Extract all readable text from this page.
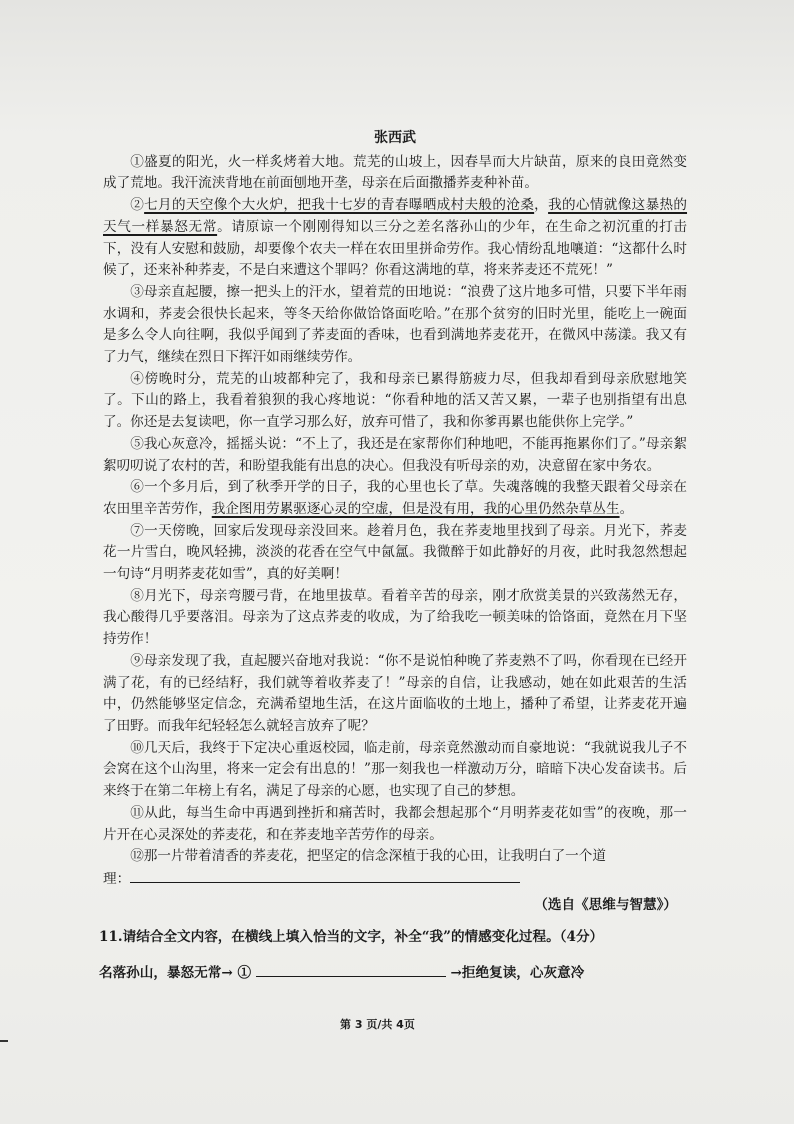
张西武

①盛夏的阳光，火一样炙烤着大地。荒芜的山坡上，因春旱而大片缺苗，原来的良田竟然变成了荒地。我汗流浃背地在前面刨地开垄，母亲在后面撒播荞麦种补苗。

②七月的天空像个大火炉，把我十七岁的青春曝晒成村夫般的沧桑，我的心情就像这暴热的天气一样暴怒无常。请原谅一个刚刚得知以三分之差名落孙山的少年，在生命之初沉重的打击下，没有人安慰和鼓励，却要像个农夫一样在农田里拼命劳作。我心情纷乱地嚷道：“这都什么时候了，还来补种荞麦，不是白来遭这个罪吗？你看这满地的草，将来荞麦还不荒死！”

③母亲直起腰，擦一把头上的汗水，望着荒的田地说：“浪费了这片地多可惜，只要下半年雨水调和，荞麦会很快长起来，等冬天给你做饸饹面吃哈。”在那个贫穷的旧时光里，能吃上一碗面是多么令人向往啊，我似乎闻到了荞麦面的香味，也看到满地荞麦花开，在微风中荡漾。我又有了力气，继续在烈日下挥汗如雨继续劳作。

④傍晚时分，荒芜的山坡都种完了，我和母亲已累得筋疲力尽，但我却看到母亲欣慰地笑了。下山的路上，我看着狼狈的我心疼地说：“你看种地的活又苦又累，一辈子也别指望有出息了。你还是去复读吧，你一直学习那么好，放弃可惜了，我和你爹再累也能供你上完学。”

⑤我心灰意冷，摇摇头说：“不上了，我还是在家帮你们种地吧，不能再拖累你们了。”母亲絮絮叨叨说了农村的苦，和盼望我能有出息的决心。但我没有听母亲的劝，决意留在家中务农。

⑥一个多月后，到了秋季开学的日子，我的心里也长了草。失魂落魄的我整天跟着父母亲在农田里辛苦劳作，我企图用劳累驱逐心灵的空虚，但是没有用，我的心里仍然杂草丛生。

⑦一天傍晚，回家后发现母亲没回来。趁着月色，我在荞麦地里找到了母亲。月光下，荞麦花一片雪白，晚风轻拂，淡淡的花香在空气中氤氲。我微醉于如此静好的月夜，此时我忽然想起一句诗“月明荞麦花如雪”，真的好美啊！

⑧月光下，母亲弯腰弓背，在地里拔草。看着辛苦的母亲，刚才欣赏美景的兴致荡然无存，我心酸得几乎要落泪。母亲为了这点荞麦的收成，为了给我吃一顿美味的饸饹面，竟然在月下坚持劳作！

⑨母亲发现了我，直起腰兴奋地对我说：“你不是说怕种晚了荞麦熟不了吗，你看现在已经开满了花，有的已经结籽，我们就等着收荞麦了！”母亲的自信，让我感动，她在如此艰苦的生活中，仍然能够坚定信念，充满希望地生活，在这片面临收的土地上，播种了希望，让荞麦花开遍了田野。而我年纪轻轻怎么就轻言放弃了呢？

⑩几天后，我终于下定决心重返校园，临走前，母亲竟然激动而自豪地说：“我就说我儿子不会窝在这个山沟里，将来一定会有出息的！”那一刻我也一样激动万分，暗暗下决心发奋读书。后来终于在第二年榜上有名，满足了母亲的心愿，也实现了自己的梦想。

⑪从此，每当生命中再遇到挫折和痛苦时，我都会想起那个“月明荞麦花如雪”的夜晚，那一片开在心灵深处的荞麦花，和在荞麦地辛苦劳作的母亲。

⑫那一片带着清香的荞麦花，把坚定的信念深植于我的心田，让我明白了一个道

理：

（选自《思维与智慧》）
11.请结合全文内容，在横线上填入恰当的文字，补全“我”的情感变化过程。（4分）
名落孙山，暴怒无常→ ①	→拒绝复读，心灰意冷
第 3 页/共 4页
